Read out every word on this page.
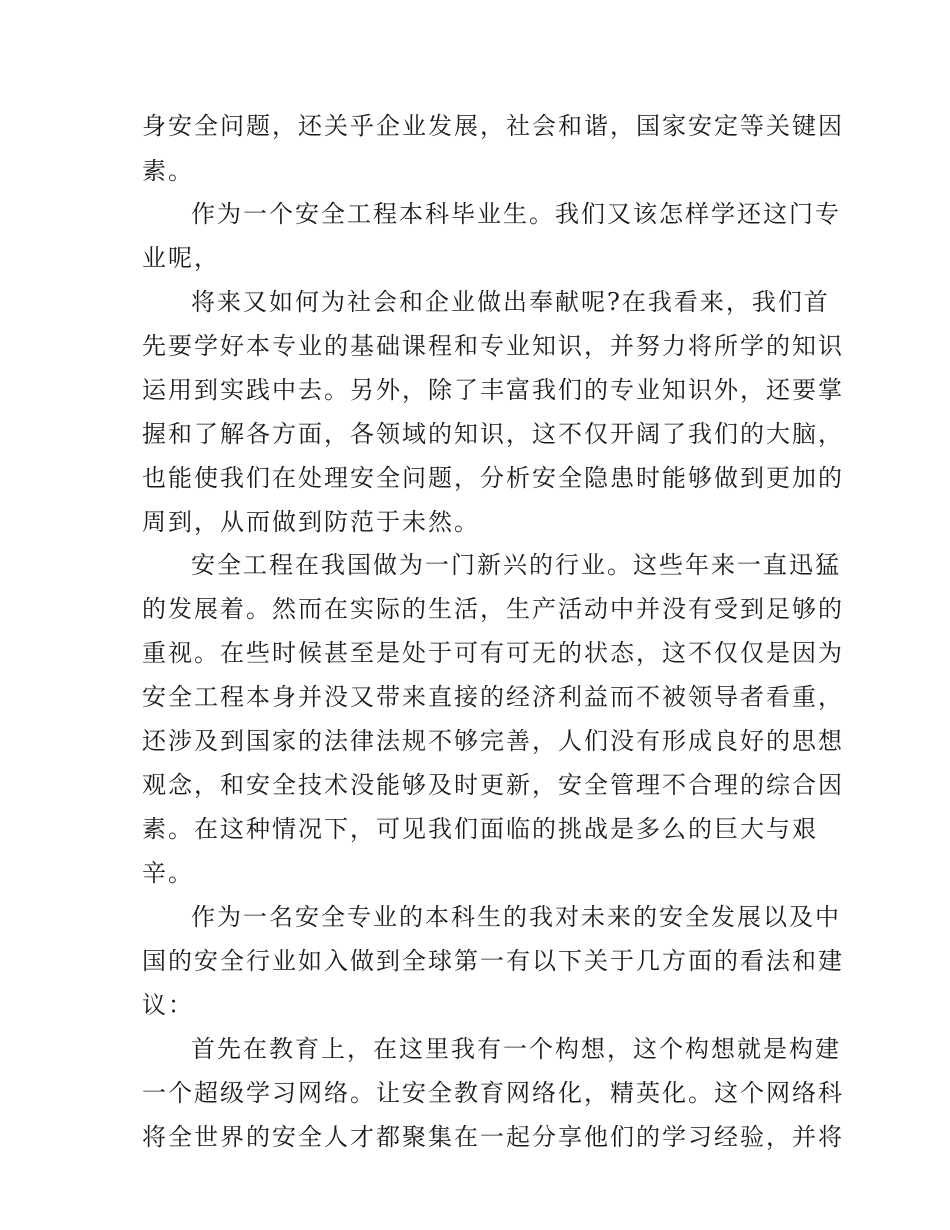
身安全问题，还关乎企业发展，社会和谐，国家安定等关键因
素。
作为一个安全工程本科毕业生。我们又该怎样学还这门专
业呢，
将来又如何为社会和企业做出奉献呢?在我看来，我们首
先要学好本专业的基础课程和专业知识，并努力将所学的知识
运用到实践中去。另外，除了丰富我们的专业知识外，还要掌
握和了解各方面，各领域的知识，这不仅开阔了我们的大脑，
也能使我们在处理安全问题，分析安全隐患时能够做到更加的
周到，从而做到防范于未然。
安全工程在我国做为一门新兴的行业。这些年来一直迅猛
的发展着。然而在实际的生活，生产活动中并没有受到足够的
重视。在些时候甚至是处于可有可无的状态，这不仅仅是因为
安全工程本身并没又带来直接的经济利益而不被领导者看重，
还涉及到国家的法律法规不够完善，人们没有形成良好的思想
观念，和安全技术没能够及时更新，安全管理不合理的综合因
素。在这种情况下，可见我们面临的挑战是多么的巨大与艰
辛。
作为一名安全专业的本科生的我对未来的安全发展以及中
国的安全行业如入做到全球第一有以下关于几方面的看法和建
议：
首先在教育上，在这里我有一个构想，这个构想就是构建
一个超级学习网络。让安全教育网络化，精英化。这个网络科
将全世界的安全人才都聚集在一起分享他们的学习经验，并将
